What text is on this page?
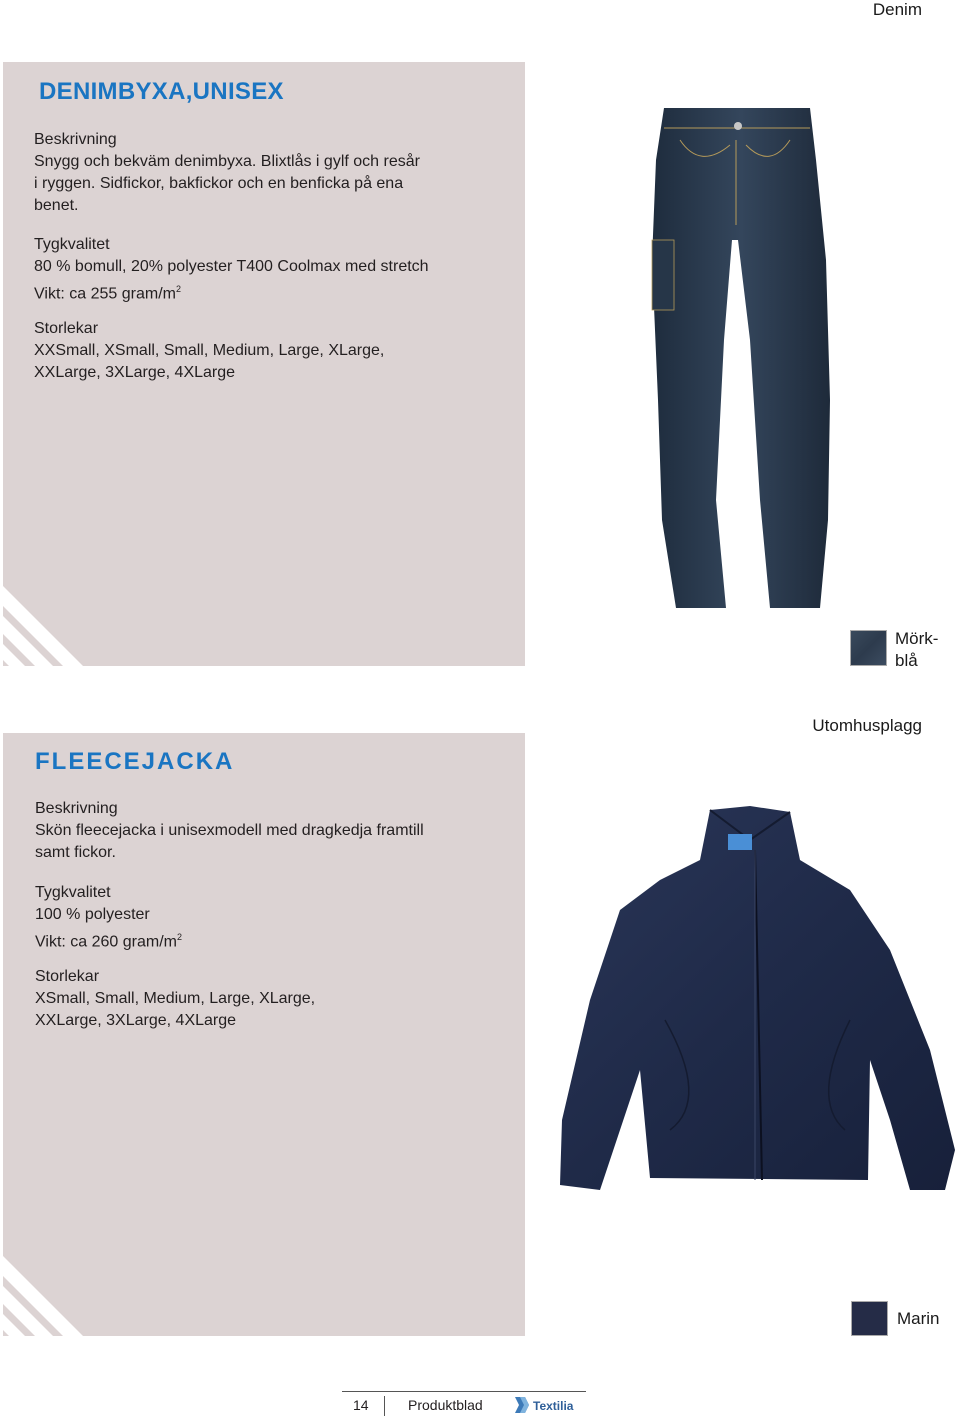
Denim
DENIMBYXA,UNISEX
Beskrivning
Snygg och bekväm denimbyxa. Blixtlås i gylf och resår
i ryggen. Sidfickor, bakfickor och en benficka på ena
benet.
Tygkvalitet
80 % bomull, 20% polyester T400 Coolmax med stretch
Vikt: ca 255 gram/$m^2$
Storlekar
XXSmall, XSmall, Small, Medium, Large, XLarge,
XXLarge, 3XLarge, 4XLarge
Mörk-
blå
Utomhusplagg
FLEECEJACKA
Beskrivning
Skön fleecejacka i unisexmodell med dragkedja framtill
samt fickor.
Tygkvalitet
100 % polyester
Vikt: ca 260 gram/$m^2$
Storlekar
XSmall, Small, Medium, Large, XLarge,
XXLarge, 3XLarge, 4XLarge
Marin
14	Produktblad	Textilia
